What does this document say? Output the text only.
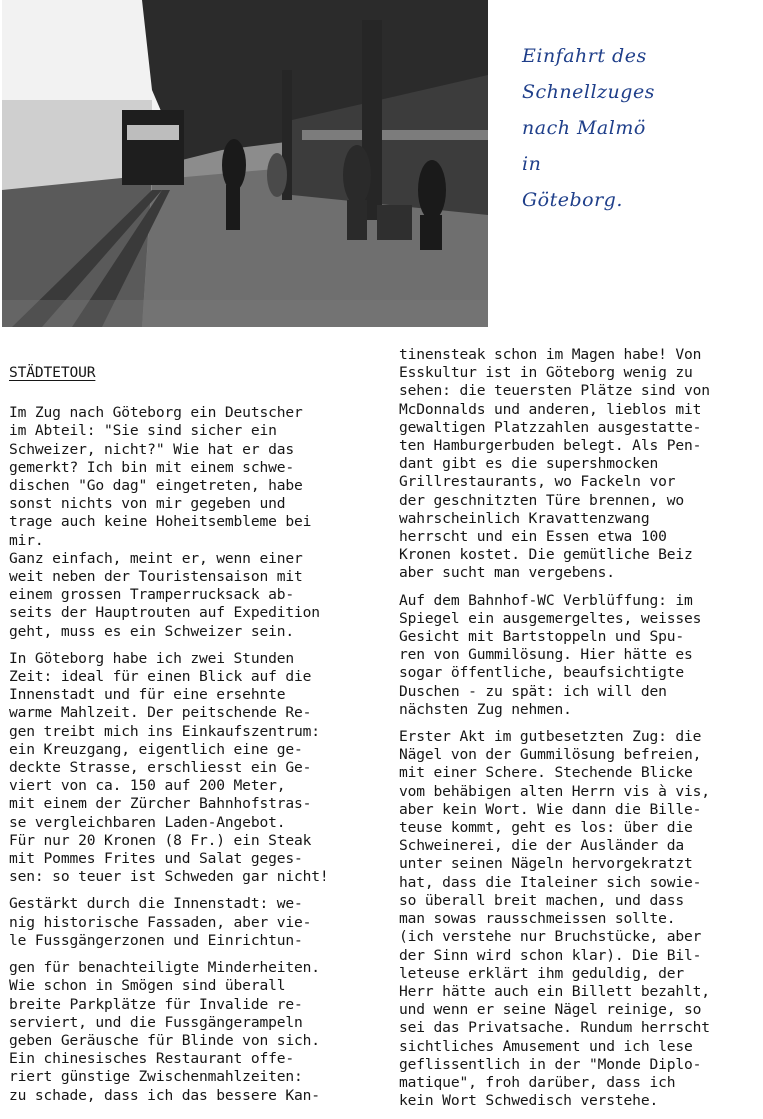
Einfahrt des
Schnellzuges
nach Malmö
in
Göteborg.
STÄDTETOUR

Im Zug nach Göteborg ein Deutscher
im Abteil: "Sie sind sicher ein
Schweizer, nicht?" Wie hat er das
gemerkt? Ich bin mit einem schwe-
dischen "Go dag" eingetreten, habe
sonst nichts von mir gegeben und
trage auch keine Hoheitsembleme bei
mir.
Ganz einfach, meint er, wenn einer
weit neben der Touristensaison mit
einem grossen Tramperrucksack ab-
seits der Hauptrouten auf Expedition
geht, muss es ein Schweizer sein.

In Göteborg habe ich zwei Stunden
Zeit: ideal für einen Blick auf die
Innenstadt und für eine ersehnte
warme Mahlzeit. Der peitschende Re-
gen treibt mich ins Einkaufszentrum:
ein Kreuzgang, eigentlich eine ge-
deckte Strasse, erschliesst ein Ge-
viert von ca. 150 auf 200 Meter,
mit einem der Zürcher Bahnhofstras-
se vergleichbaren Laden-Angebot.
Für nur 20 Kronen (8 Fr.) ein Steak
mit Pommes Frites und Salat geges-
sen: so teuer ist Schweden gar nicht!

Gestärkt durch die Innenstadt: we-
nig historische Fassaden, aber vie-
le Fussgängerzonen und Einrichtun-

gen für benachteiligte Minderheiten.
Wie schon in Smögen sind überall
breite Parkplätze für Invalide re-
serviert, und die Fussgängerampeln
geben Geräusche für Blinde von sich.
Ein chinesisches Restaurant offe-
riert günstige Zwischenmahlzeiten:
zu schade, dass ich das bessere Kan-

tinensteak schon im Magen habe! Von
Esskultur ist in Göteborg wenig zu
sehen: die teuersten Plätze sind von
McDonnalds und anderen, lieblos mit
gewaltigen Platzzahlen ausgestatte-
ten Hamburgerbuden belegt. Als Pen-
dant gibt es die supershmocken
Grillrestaurants, wo Fackeln vor
der geschnitzten Türe brennen, wo
wahrscheinlich Kravattenzwang
herrscht und ein Essen etwa 100
Kronen kostet. Die gemütliche Beiz
aber sucht man vergebens.

Auf dem Bahnhof-WC Verblüffung: im
Spiegel ein ausgemergeltes, weisses
Gesicht mit Bartstoppeln und Spu-
ren von Gummilösung. Hier hätte es
sogar öffentliche, beaufsichtigte
Duschen - zu spät: ich will den
nächsten Zug nehmen.

Erster Akt im gutbesetzten Zug: die
Nägel von der Gummilösung befreien,
mit einer Schere. Stechende Blicke
vom behäbigen alten Herrn vis à vis,
aber kein Wort. Wie dann die Bille-
teuse kommt, geht es los: über die
Schweinerei, die der Ausländer da
unter seinen Nägeln hervorgekratzt
hat, dass die Italeiner sich sowie-
so überall breit machen, und dass
man sowas rausschmeissen sollte.
(ich verstehe nur Bruchstücke, aber
der Sinn wird schon klar). Die Bil-
leteuse erklärt ihm geduldig, der
Herr hätte auch ein Billett bezahlt,
und wenn er seine Nägel reinige, so
sei das Privatsache. Rundum herrscht
sichtliches Amusement und ich lese
geflissentlich in der "Monde Diplo-
matique", froh darüber, dass ich
kein Wort Schwedisch verstehe.
